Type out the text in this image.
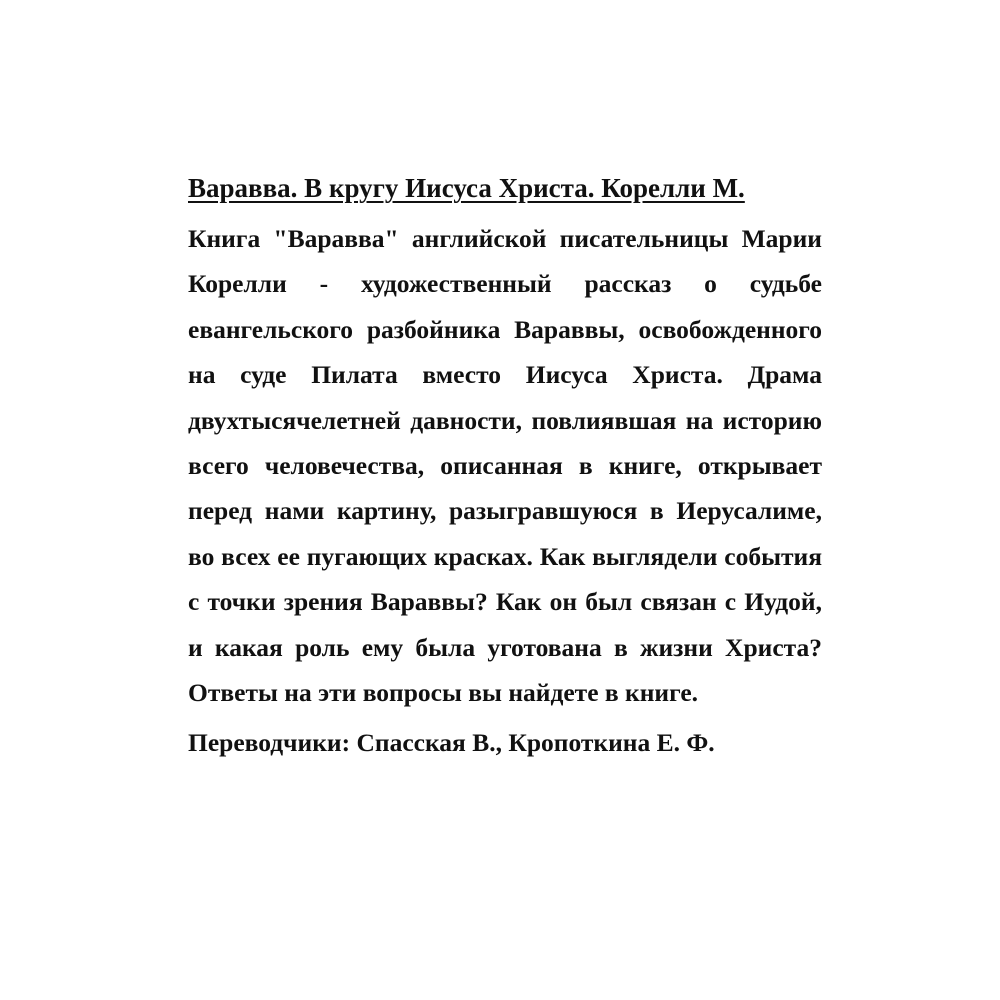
Варавва. В кругу Иисуса Христа. Корелли М.

Книга "Варавва" английской писательницы Марии Корелли - художественный рассказ о судьбе евангельского разбойника Вараввы, освобожденного на суде Пилата вместо Иисуса Христа. Драма двухтысячелетней давности, повлиявшая на историю всего человечества, описанная в книге, открывает перед нами картину, разыгравшуюся в Иерусалиме, во всех ее пугающих красках. Как выглядели события с точки зрения Вараввы? Как он был связан с Иудой, и какая роль ему была уготована в жизни Христа? Ответы на эти вопросы вы найдете в книге.

Переводчики: Спасская В., Кропоткина Е. Ф.
